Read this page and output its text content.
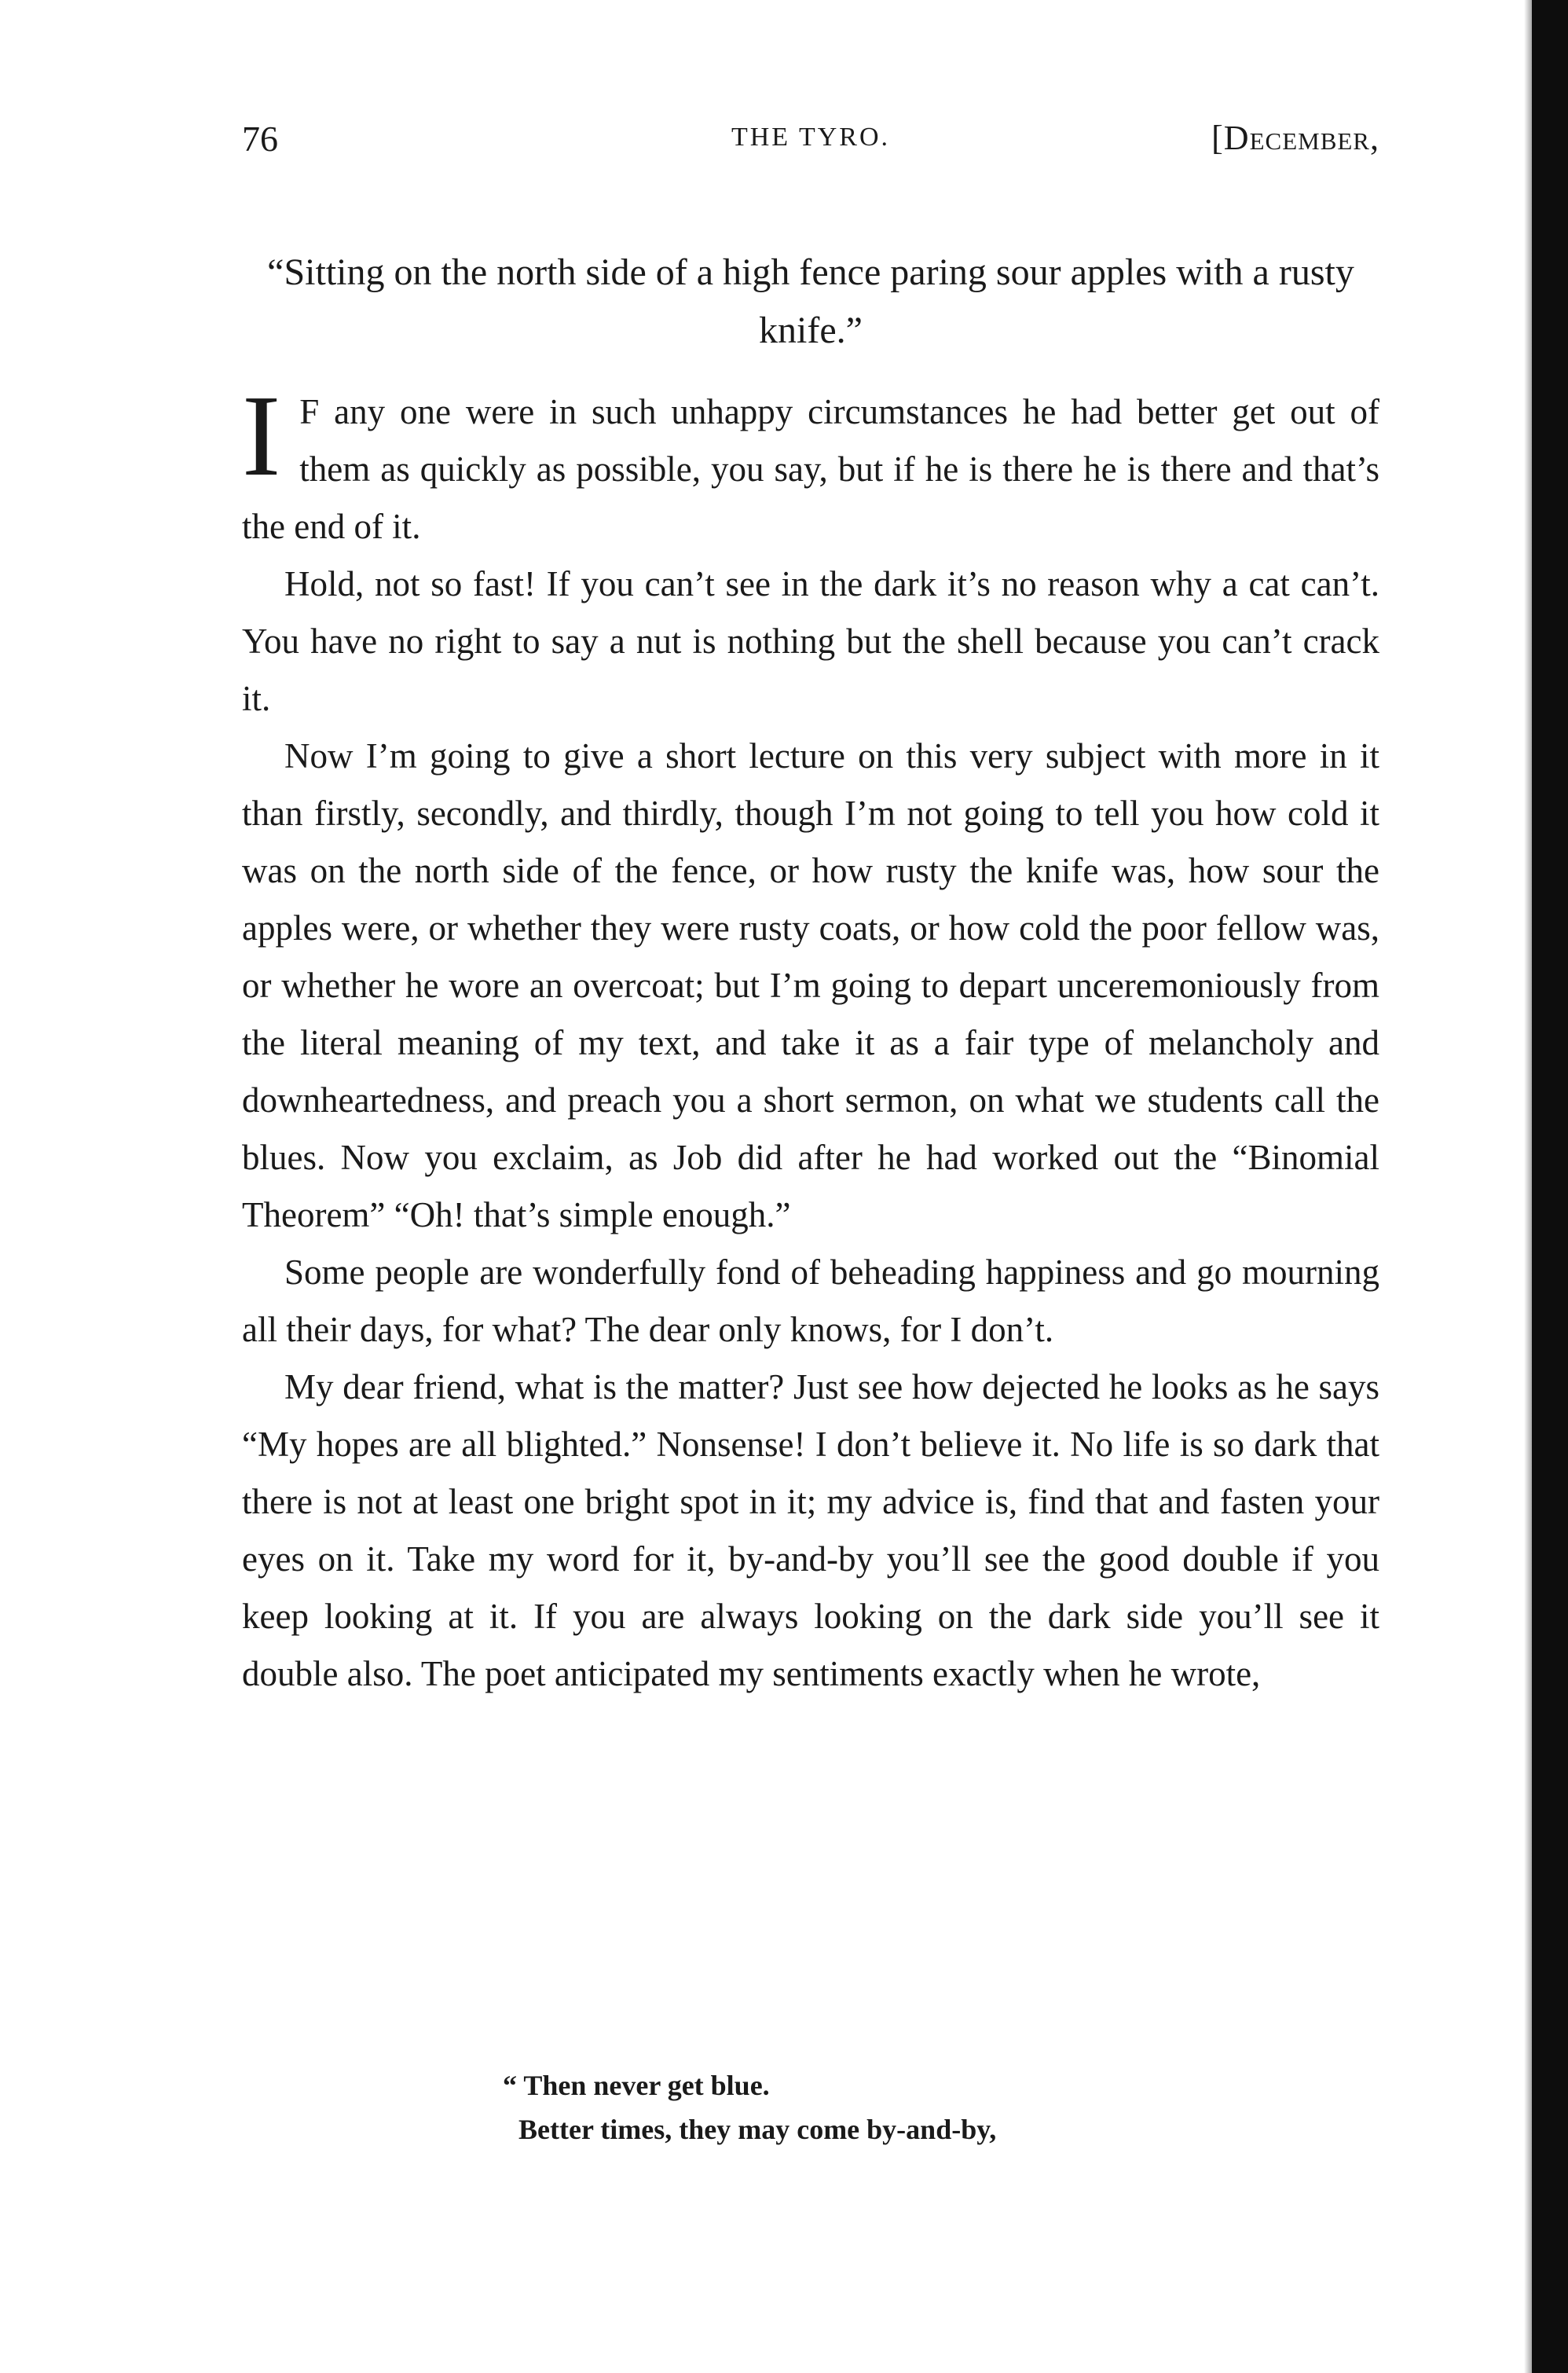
76	THE TYRO.	[December,
“Sitting on the north side of a high fence paring sour apples with a rusty knife.”

I F any one were in such unhappy circumstances he had better get out of them as quickly as possible, you say, but if he is there he is there and that’s the end of it.

Hold, not so fast! If you can’t see in the dark it’s no reason why a cat can’t. You have no right to say a nut is nothing but the shell because you can’t crack it.

Now I’m going to give a short lecture on this very subject with more in it than firstly, secondly, and thirdly, though I’m not going to tell you how cold it was on the north side of the fence, or how rusty the knife was, how sour the apples were, or whether they were rusty coats, or how cold the poor fellow was, or whether he wore an overcoat; but I’m going to depart unceremoniously from the literal meaning of my text, and take it as a fair type of melancholy and downheartedness, and preach you a short sermon, on what we students call the blues. Now you exclaim, as Job did after he had worked out the “Binomial Theorem” “Oh! that’s simple enough.”

Some people are wonderfully fond of beheading happiness and go mourning all their days, for what? The dear only knows, for I don’t.

My dear friend, what is the matter? Just see how dejected he looks as he says “My hopes are all blighted.” Nonsense! I don’t believe it. No life is so dark that there is not at least one bright spot in it; my advice is, find that and fasten your eyes on it. Take my word for it, by-and-by you’ll see the good double if you keep looking at it. If you are always looking on the dark side you’ll see it double also. The poet anticipated my sentiments exactly when he wrote,

“ Then never get blue.
Better times, they may come by-and-by,
